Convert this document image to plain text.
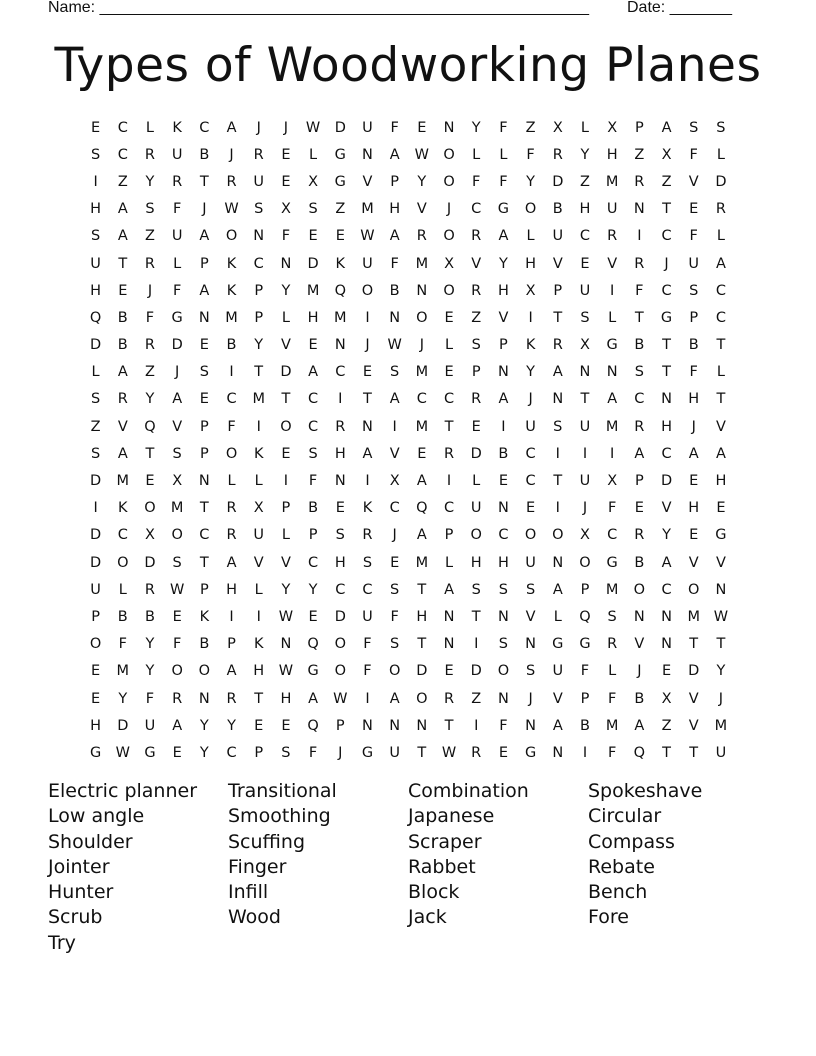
Name: _______________________________________________________ Date: _______
Types of Woodworking Planes
E	C	L	K	C	A	J	J	W D	U	F	E	N	Y	F	Z	X	L	X	P	A	S	S
S	C	R	U	B	J	R	E	L	G	N	A	W O	L	L	F	R	Y	H	Z	X	F	L
I	Z	Y	R	T	R	U	E	X	G	V	P	Y	O	F	F	Y	D	Z	M	R	Z	V	D
H	A	S	F	J	W	S	X	S	Z	M	H	V	J	C	G	O	B	H	U	N	T	E	R
S	A	Z	U	A	O	N	F	E	E	W	A	R	O	R	A	L	U	C	R	I	C	F	L
U	T	R	L	P	K	C	N	D	K	U	F	M	X	V	Y	H	V	E	V	R	J	U	A
H	E	J	F	A	K	P	Y	M	Q	O	B	N	O	R	H	X	P	U	I	F	C	S	C
Q	B	F	G	N	M	P	L	H	M	I	N	O	E	Z	V	I	T	S	L	T	G	P	C
D	B	R	D	E	B	Y	V	E	N	J	W	J	L	S	P	K	R	X	G	B	T	B	T
L	A	Z	J	S	I	T	D	A	C	E	S	M	E	P	N	Y	A	N	N	S	T	F	L
S	R	Y	A	E	C	M	T	C	I	T	A	C	C	R	A	J	N	T	A	C	N	H	T
Z	V	Q	V	P	F	I	O	C	R	N	I	M	T	E	I	U	S	U	M	R	H	J	V
S	A	T	S	P	O	K	E	S	H	A	V	E	R	D	B	C	I	I	I	A	C	A	A
D	M	E	X	N	L	L	I	F	N	I	X	A	I	L	E	C	T	U	X	P	D	E	H
I	K	O	M	T	R	X	P	B	E	K	C	Q	C	U	N	E	I	J	F	E	V	H	E
D	C	X	O	C	R	U	L	P	S	R	J	A	P	O	C	O	O	X	C	R	Y	E	G
D	O	D	S	T	A	V	V	C	H	S	E	M	L	H	H	U	N	O	G	B	A	V	V
U	L	R	W	P	H	L	Y	Y	C	C	S	T	A	S	S	S	A	P	M	O	C	O	N
P	B	B	E	K	I	I	W	E	D	U	F	H	N	T	N	V	L	Q	S	N	N	M W
O	F	Y	F	B	P	K	N	Q	O	F	S	T	N	I	S	N	G	G	R	V	N	T	T
E	M	Y	O	O	A	H	W G	O	F	O	D	E	D	O	S	U	F	L	J	E	D	Y
E	Y	F	R	N	R	T	H	A	W	I	A	O	R	Z	N	J	V	P	F	B	X	V	J
H	D	U	A	Y	Y	E	E	Q	P	N	N	N	T	I	F	N	A	B	M	A	Z	V	M
G W G	E	Y	C	P	S	F	J	G	U	T	W	R	E	G	N	I	F	Q	T	T	U
Electric planner	Transitional	Combination	Spokeshave
Low angle	Smoothing	Japanese	Circular
Shoulder	Scuffing	Scraper	Compass
Jointer	Finger	Rabbet	Rebate
Hunter	Infill	Block	Bench
Scrub	Wood	Jack	Fore
Try
